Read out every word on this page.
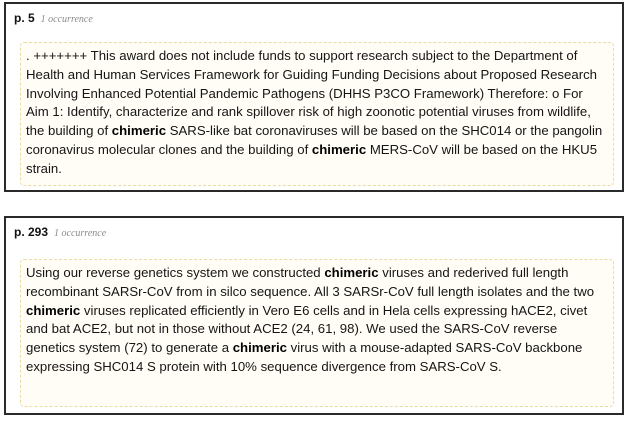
p. 5 1 occurrence
. +++++++ This award does not include funds to support research subject to the Department of Health and Human Services Framework for Guiding Funding Decisions about Proposed Research Involving Enhanced Potential Pandemic Pathogens (DHHS P3CO Framework) Therefore: o For Aim 1: Identify, characterize and rank spillover risk of high zoonotic potential viruses from wildlife, the building of chimeric SARS-like bat coronaviruses will be based on the SHC014 or the pangolin coronavirus molecular clones and the building of chimeric MERS-CoV will be based on the HKU5 strain.
p. 293 1 occurrence
Using our reverse genetics system we constructed chimeric viruses and rederived full length recombinant SARSr-CoV from in silco sequence. All 3 SARSr-CoV full length isolates and the two chimeric viruses replicated efficiently in Vero E6 cells and in Hela cells expressing hACE2, civet and bat ACE2, but not in those without ACE2 (24, 61, 98). We used the SARS-CoV reverse genetics system (72) to generate a chimeric virus with a mouse-adapted SARS-CoV backbone expressing SHC014 S protein with 10% sequence divergence from SARS-CoV S.
